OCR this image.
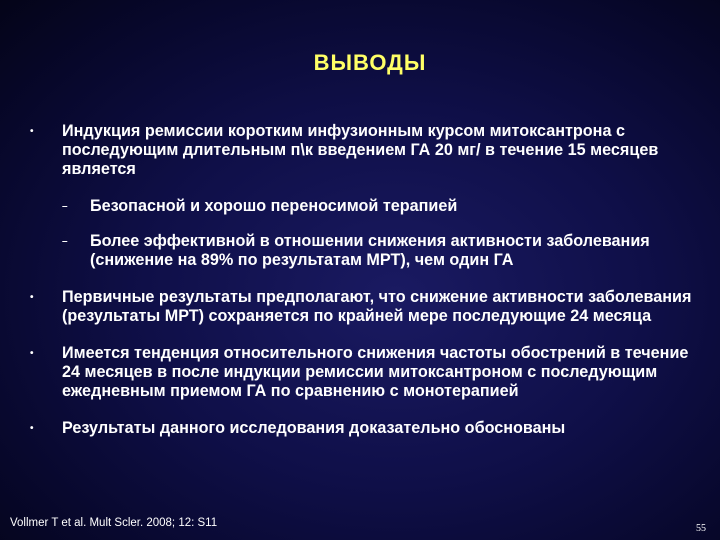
ВЫВОДЫ
• Индукция ремиссии коротким инфузионным курсом митоксантрона с последующим длительным п\к введением ГА 20 мг/ в течение 15 месяцев является
– Безопасной и хорошо переносимой терапией
– Более эффективной в отношении снижения активности заболевания (снижение на 89% по результатам МРТ), чем один ГА
• Первичные результаты предполагают, что снижение активности заболевания (результаты МРТ) сохраняется по крайней мере последующие 24 месяца
• Имеется тенденция относительного снижения частоты обострений в течение 24 месяцев в после индукции ремиссии митоксантроном с последующим ежедневным приемом ГА по сравнению с монотерапией
• Результаты данного исследования доказательно обоснованы
Vollmer T et al. Mult Scler. 2008; 12: S11	55
